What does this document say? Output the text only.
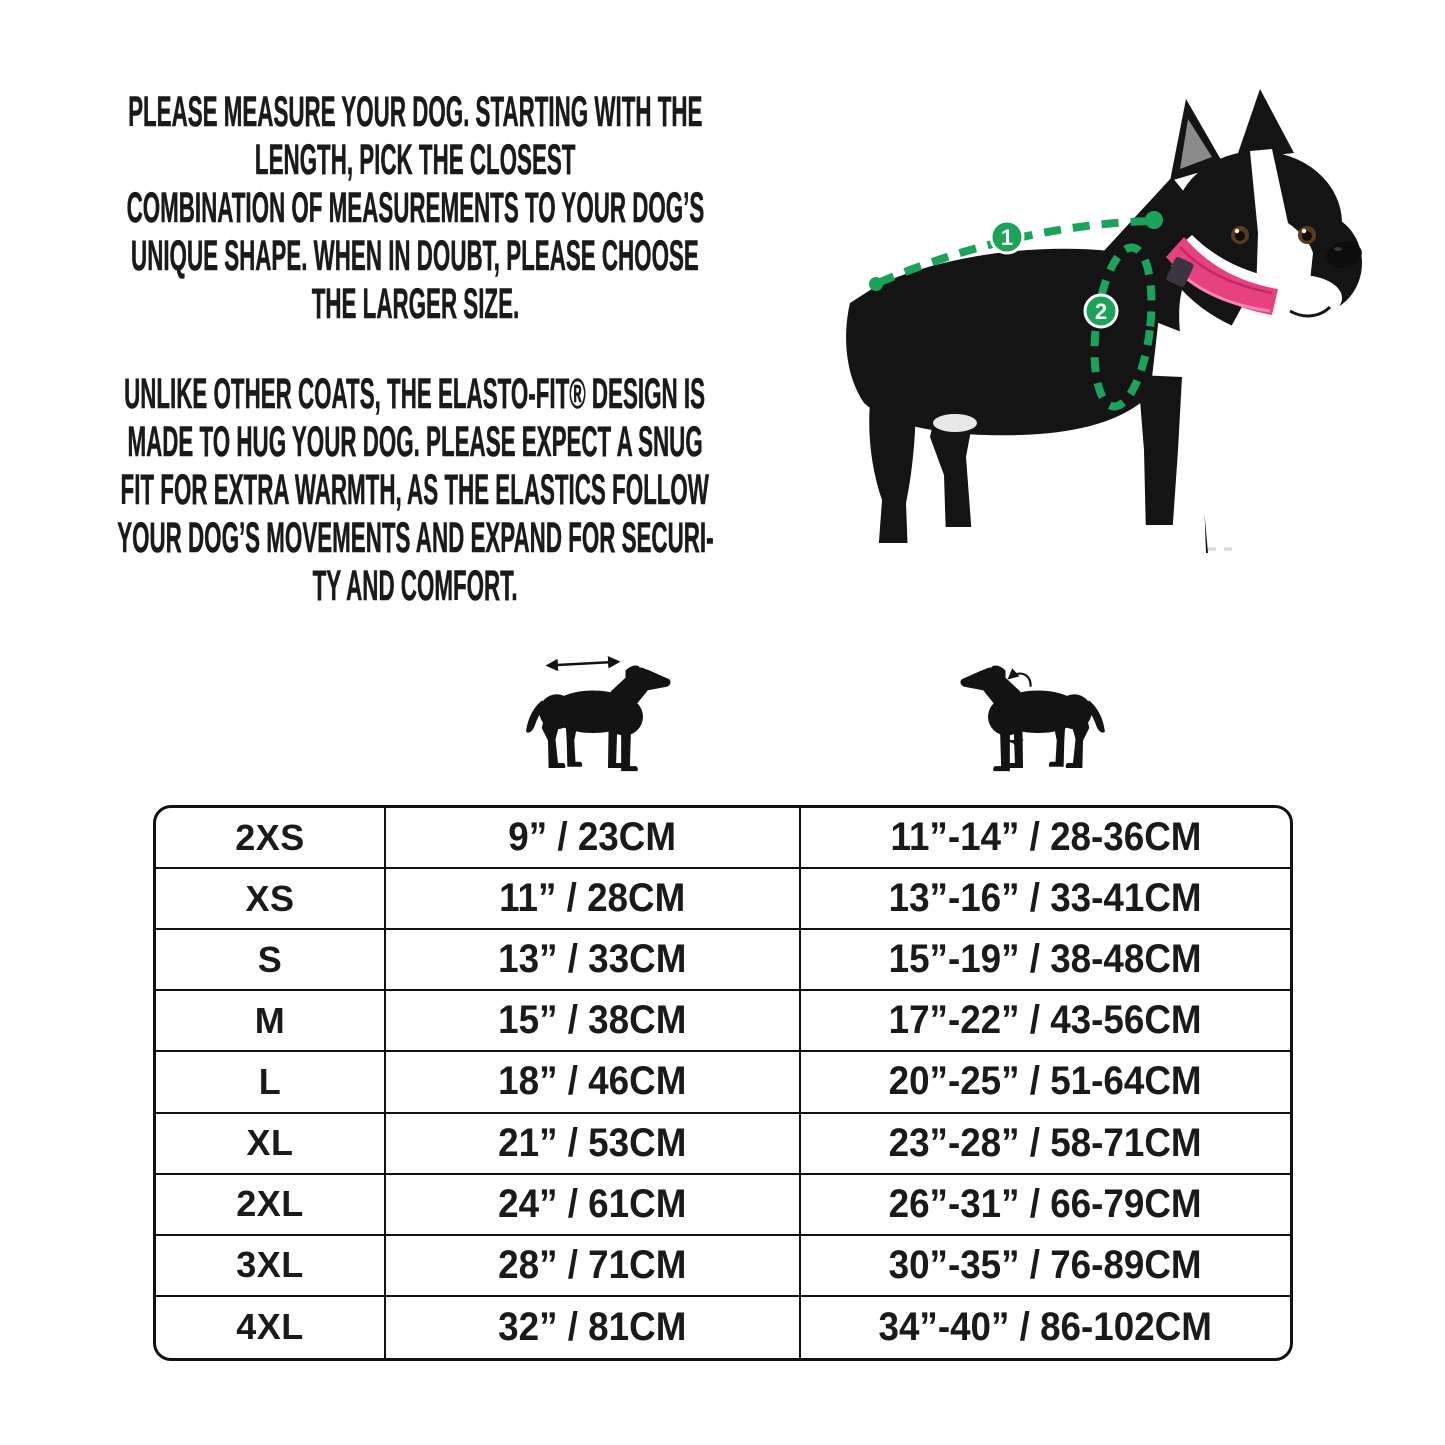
PLEASE MEASURE YOUR DOG. STARTING WITH THE
LENGTH, PICK THE CLOSEST
COMBINATION OF MEASUREMENTS TO YOUR DOG’S
UNIQUE SHAPE. WHEN IN DOUBT, PLEASE CHOOSE
THE LARGER SIZE.
UNLIKE OTHER COATS, THE ELASTO-FIT® DESIGN IS
MADE TO HUG YOUR DOG. PLEASE EXPECT A SNUG
FIT FOR EXTRA WARMTH, AS THE ELASTICS FOLLOW
YOUR DOG’S MOVEMENTS AND EXPAND FOR SECURI-
TY AND COMFORT.
1
2
2XS	9” / 23CM	11”-14” / 28-36CM
XS	11” / 28CM	13”-16” / 33-41CM
S	13” / 33CM	15”-19” / 38-48CM
M	15” / 38CM	17”-22” / 43-56CM
L	18” / 46CM	20”-25” / 51-64CM
XL	21” / 53CM	23”-28” / 58-71CM
2XL	24” / 61CM	26”-31” / 66-79CM
3XL	28” / 71CM	30”-35” / 76-89CM
4XL	32” / 81CM	34”-40” / 86-102CM
